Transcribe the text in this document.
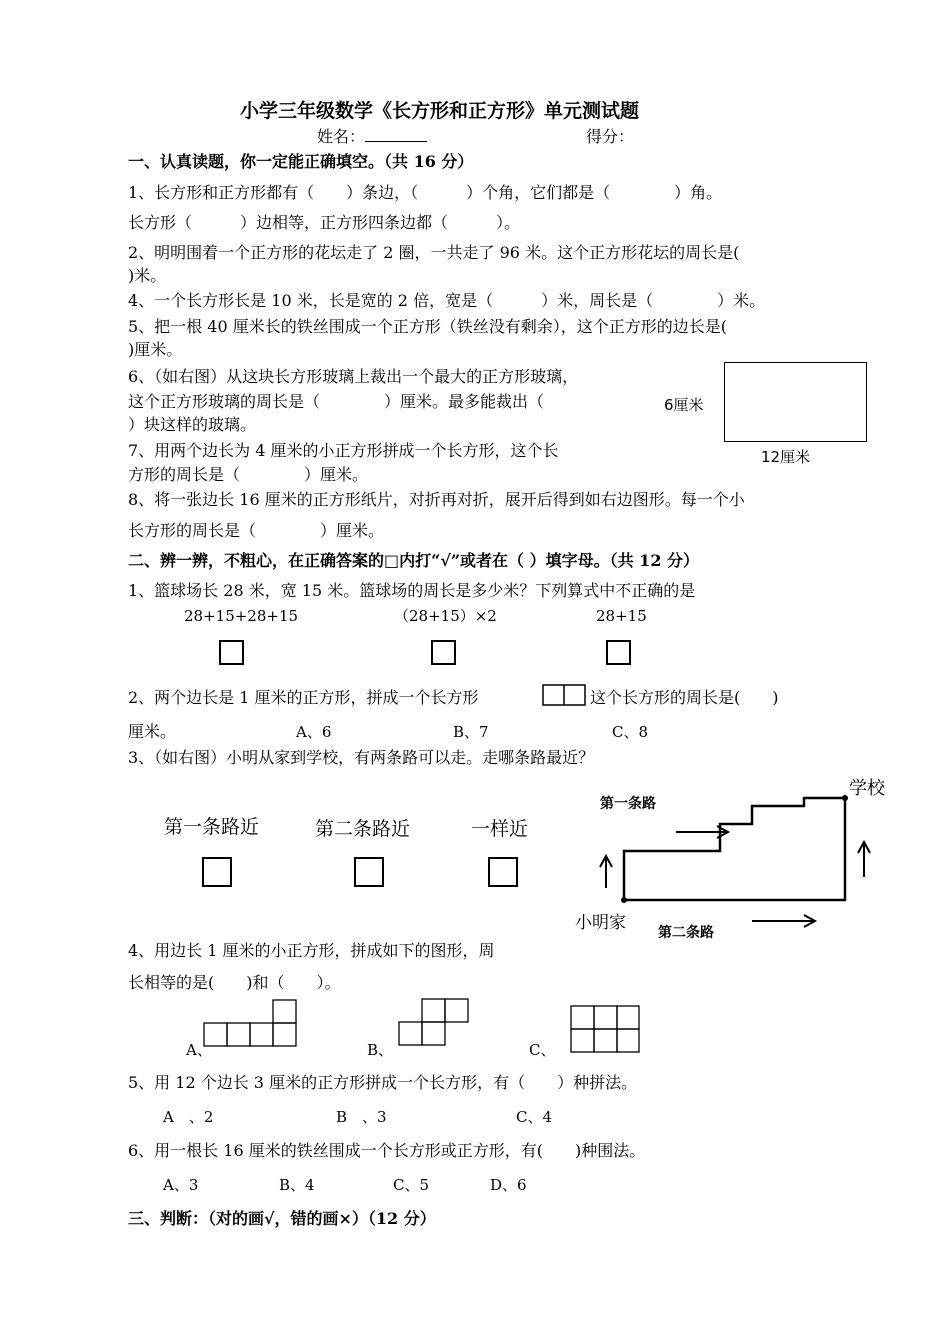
小学三年级数学《长方形和正方形》单元测试题
姓名：	得分：
一、认真读题，你一定能正确填空。（共 16 分）
1、长方形和正方形都有（　　）条边，（　　　）个角，它们都是（　　　　）角。
长方形（　　　）边相等，正方形四条边都（　　　）。
2、明明围着一个正方形的花坛走了 2 圈，一共走了 96 米。这个正方形花坛的周长是(
)米。
4、一个长方形长是 10 米，长是宽的 2 倍，宽是（　　　）米，周长是（　　　　）米。
5、把一根 40 厘米长的铁丝围成一个正方形（铁丝没有剩余），这个正方形的边长是(
)厘米。
6、（如右图）从这块长方形玻璃上裁出一个最大的正方形玻璃，
这个正方形玻璃的周长是（　　　　）厘米。最多能裁出（
）块这样的玻璃。
7、用两个边长为 4 厘米的小正方形拼成一个长方形，这个长
方形的周长是（　　　　）厘米。
8、将一张边长 16 厘米的正方形纸片，对折再对折，展开后得到如右边图形。每一个小
长方形的周长是（　　　　）厘米。
6厘米
12厘米
二、辨一辨，不粗心，在正确答案的□内打“√”或者在（ ）填字母。（共 12 分）
1、篮球场长 28 米，宽 15 米。篮球场的周长是多少米？下列算式中不正确的是
28+15+28+15	（28+15）×2	28+15
2、两个边长是 1 厘米的正方形，拼成一个长方形	这个长方形的周长是(　　)
厘米。	A、6	B、7	C、8
3、（如右图）小明从家到学校，有两条路可以走。走哪条路最近？
第一条路近	第二条路近	一样近
第一条路
第二条路
学校
小明家
4、用边长 1 厘米的小正方形，拼成如下的图形，周
长相等的是(　　)和（　　）。
A、	B、	C、
5、用 12 个边长 3 厘米的正方形拼成一个长方形，有（　　）种拼法。
A　、2	B　、3	C、4
6、用一根长 16 厘米的铁丝围成一个长方形或正方形，有(　　)种围法。
A、3	B、4	C、5	D、6
三、判断：（对的画√，错的画×）（12 分）
